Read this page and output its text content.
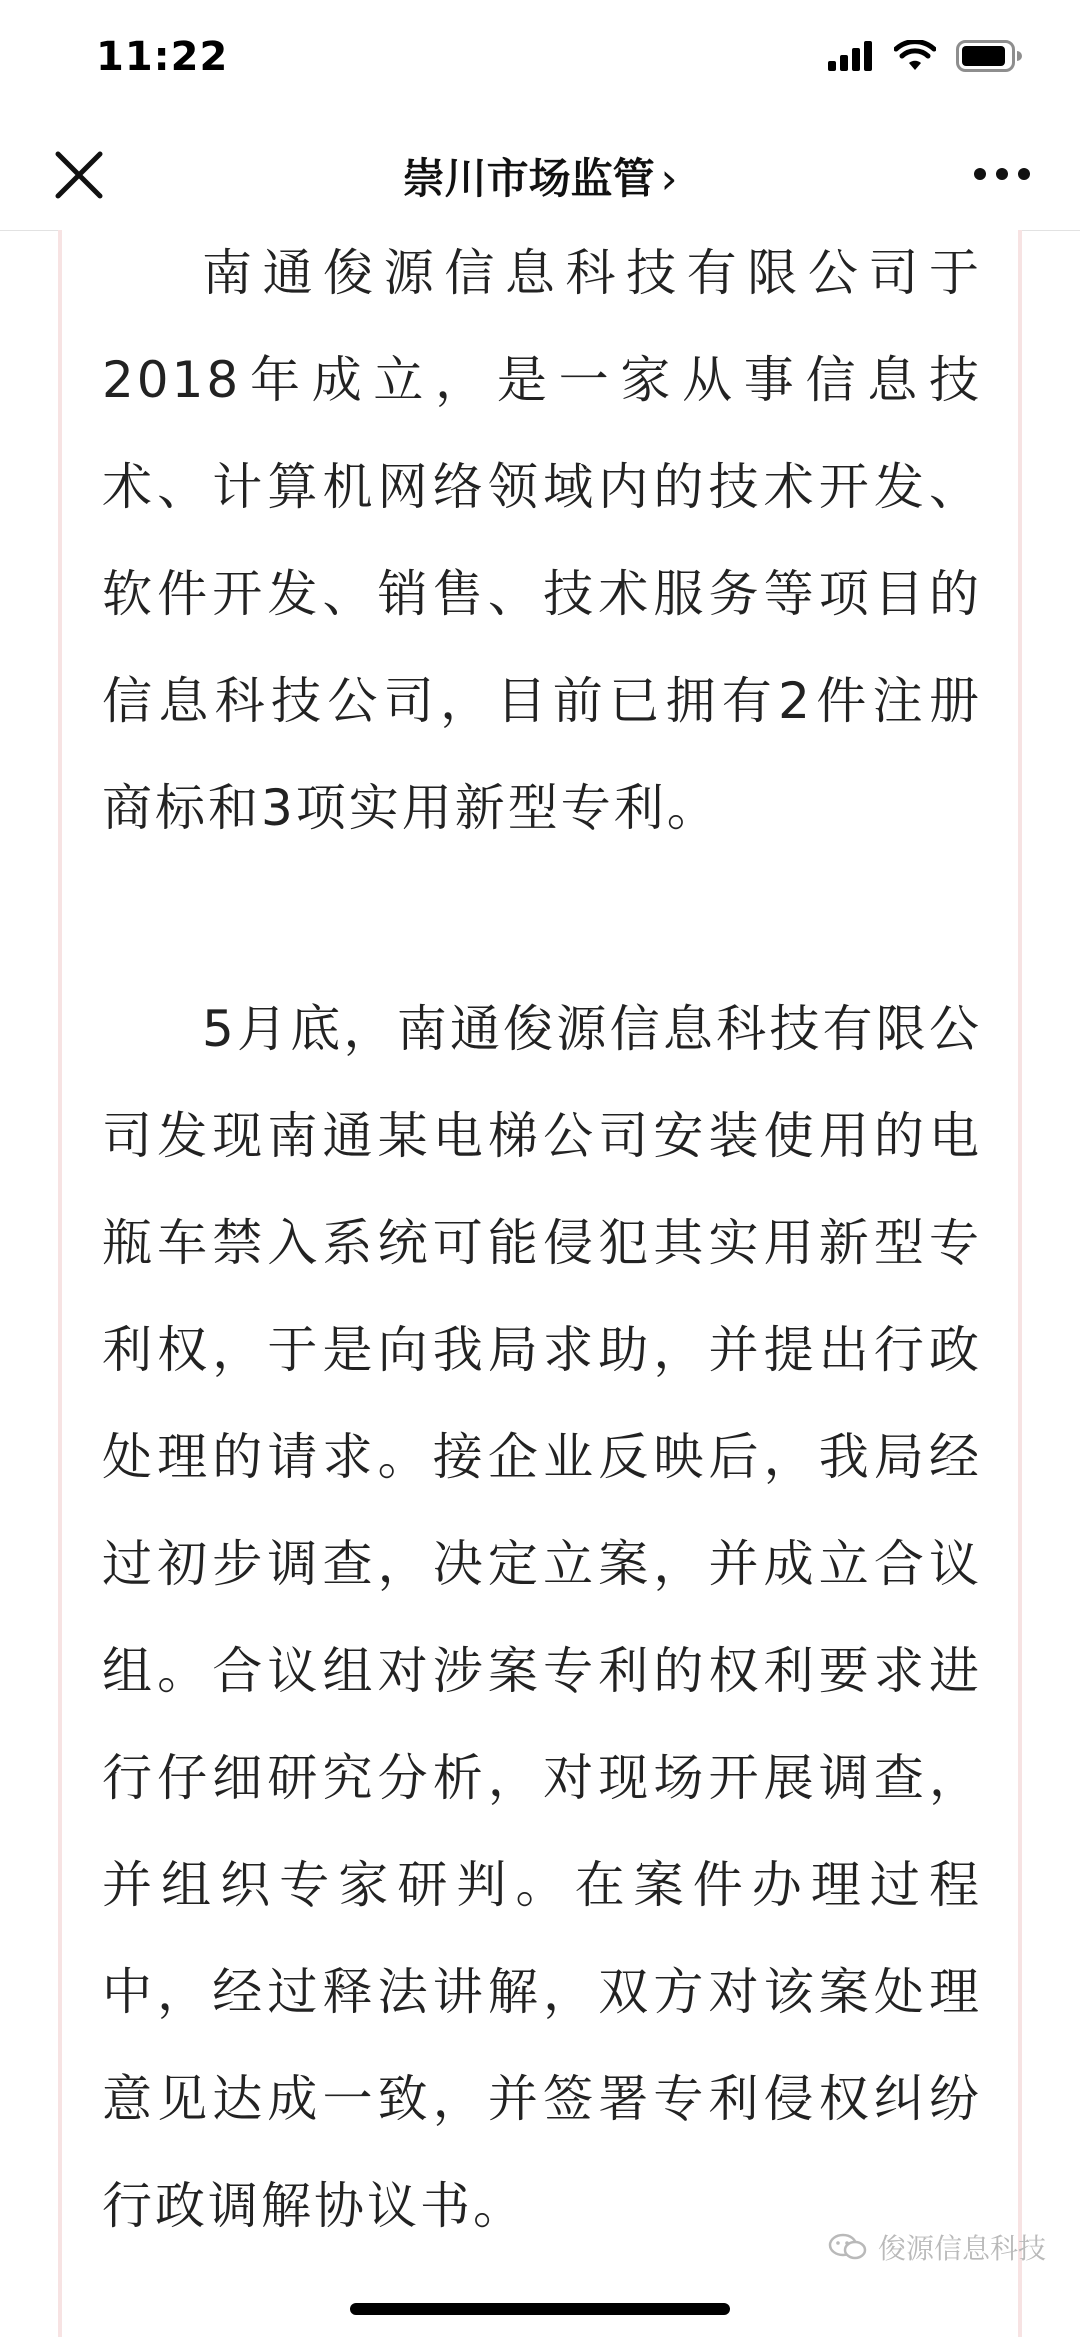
11:22
崇川市场监管 ›

南通俊源信息科技有限公司于2018年成立，是一家从事信息技术、计算机网络领域内的技术开发、软件开发、销售、技术服务等项目的信息科技公司，目前已拥有2件注册商标和3项实用新型专利。

5月底，南通俊源信息科技有限公司发现南通某电梯公司安装使用的电瓶车禁入系统可能侵犯其实用新型专利权，于是向我局求助，并提出行政处理的请求。接企业反映后，我局经过初步调查，决定立案，并成立合议组。合议组对涉案专利的权利要求进行仔细研究分析，对现场开展调查，并组织专家研判。在案件办理过程中，经过释法讲解，双方对该案处理意见达成一致，并签署专利侵权纠纷行政调解协议书。

俊源信息科技
